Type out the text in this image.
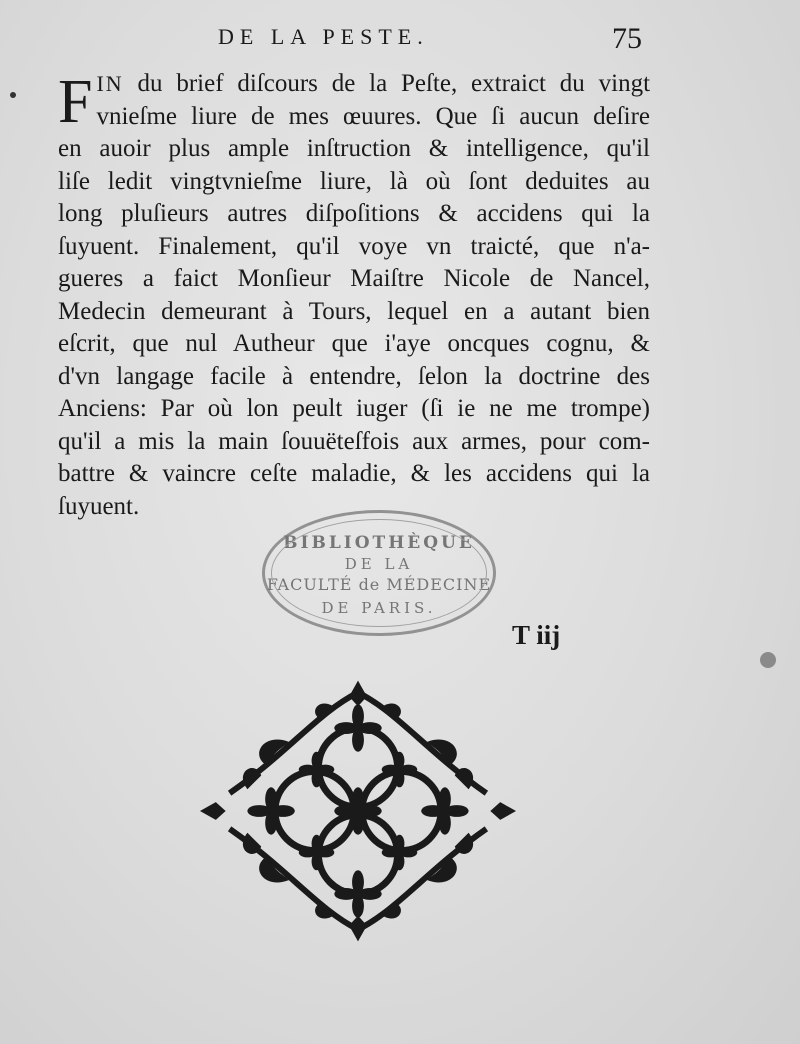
DE LA PESTE.	75
FIN du brief diſcours de la Peſte, extraict du vingt
vnieſme liure de mes œuures. Que ſi aucun deſire
en auoir plus ample inſtruction & intelligence, qu'il
liſe ledit vingtvnieſme liure, là où ſont deduites au
long pluſieurs autres diſpoſitions & accidens qui la
ſuyuent. Finalement, qu'il voye vn traicté, que n'a-
gueres a faict Monſieur Maiſtre Nicole de Nancel,
Medecin demeurant à Tours, lequel en a autant bien
eſcrit, que nul Autheur que i'aye oncques cognu, &
d'vn langage facile à entendre, ſelon la doctrine des
Anciens: Par où lon peult iuger (ſi ie ne me trompe)
qu'il a mis la main ſouuëteſfois aux armes, pour com-
battre & vaincre ceſte maladie, & les accidens qui la
ſuyuent.
BIBLIOTHÈQUE
DE LA
FACULTÉ de MÉDECINE
DE PARIS.
T iij
